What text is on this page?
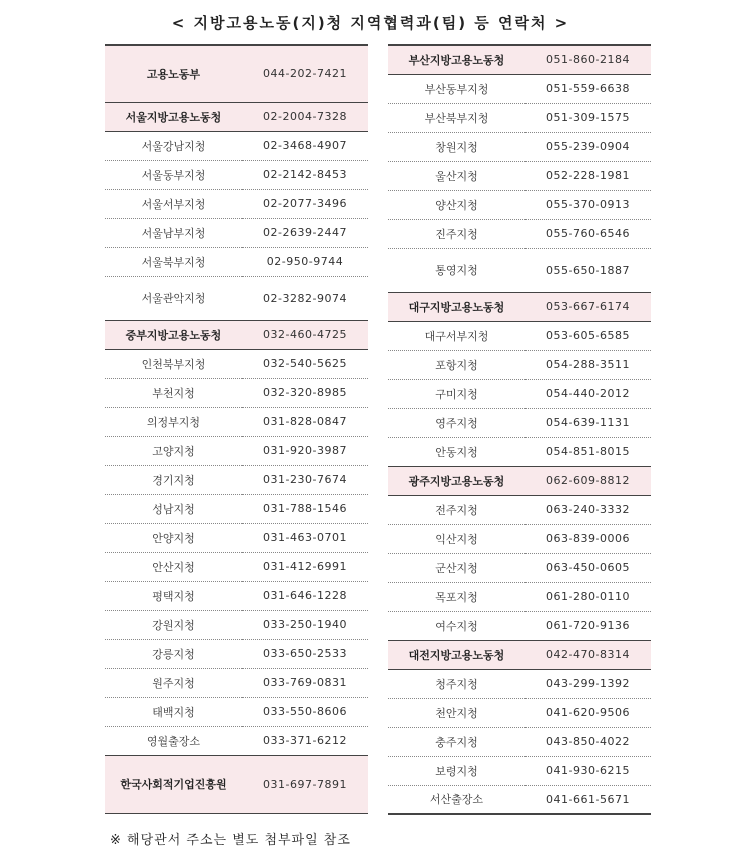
< 지방고용노동(지)청 지역협력과(팀) 등 연락처 >
고용노동부	044-202-7421
서울지방고용노동청	02-2004-7328
서울강남지청	02-3468-4907
서울동부지청	02-2142-8453
서울서부지청	02-2077-3496
서울남부지청	02-2639-2447
서울북부지청	02-950-9744
서울관악지청	02-3282-9074
중부지방고용노동청	032-460-4725
인천북부지청	032-540-5625
부천지청	032-320-8985
의정부지청	031-828-0847
고양지청	031-920-3987
경기지청	031-230-7674
성남지청	031-788-1546
안양지청	031-463-0701
안산지청	031-412-6991
평택지청	031-646-1228
강원지청	033-250-1940
강릉지청	033-650-2533
원주지청	033-769-0831
태백지청	033-550-8606
영월출장소	033-371-6212
한국사회적기업진흥원	031-697-7891
부산지방고용노동청	051-860-2184
부산동부지청	051-559-6638
부산북부지청	051-309-1575
창원지청	055-239-0904
울산지청	052-228-1981
양산지청	055-370-0913
진주지청	055-760-6546
통영지청	055-650-1887
대구지방고용노동청	053-667-6174
대구서부지청	053-605-6585
포항지청	054-288-3511
구미지청	054-440-2012
영주지청	054-639-1131
안동지청	054-851-8015
광주지방고용노동청	062-609-8812
전주지청	063-240-3332
익산지청	063-839-0006
군산지청	063-450-0605
목포지청	061-280-0110
여수지청	061-720-9136
대전지방고용노동청	042-470-8314
청주지청	043-299-1392
천안지청	041-620-9506
충주지청	043-850-4022
보령지청	041-930-6215
서산출장소	041-661-5671
※ 해당관서 주소는 별도 첨부파일 참조
